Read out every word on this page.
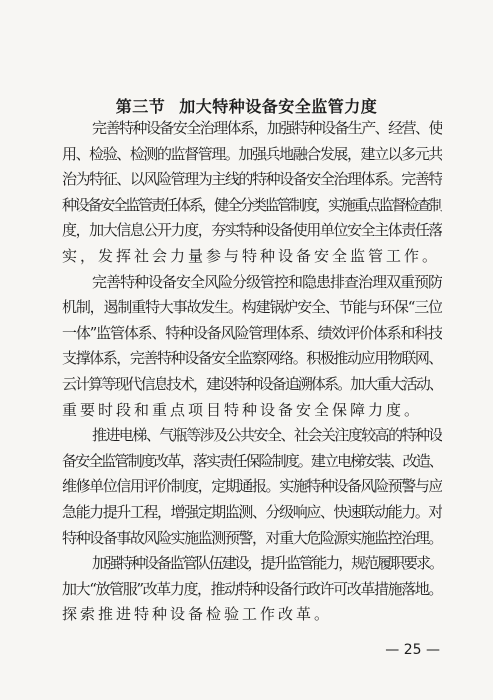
第三节 加大特种设备安全监管力度
完善特种设备安全治理体系，加强特种设备生产、经营、使
用、检验、检测的监督管理。加强兵地融合发展，建立以多元共
治为特征、以风险管理为主线的特种设备安全治理体系。完善特
种设备安全监管责任体系，健全分类监管制度，实施重点监督检查制
度，加大信息公开力度，夯实特种设备使用单位安全主体责任落
实，发挥社会力量参与特种设备安全监管工作。
完善特种设备安全风险分级管控和隐患排查治理双重预防
机制，遏制重特大事故发生。构建锅炉安全、节能与环保“三位
一体”监管体系、特种设备风险管理体系、绩效评价体系和科技
支撑体系，完善特种设备安全监察网络。积极推动应用物联网、
云计算等现代信息技术，建设特种设备追溯体系。加大重大活动、
重要时段和重点项目特种设备安全保障力度。
推进电梯、气瓶等涉及公共安全、社会关注度较高的特种设
备安全监管制度改革，落实责任保险制度。建立电梯安装、改造、
维修单位信用评价制度，定期通报。实施特种设备风险预警与应
急能力提升工程，增强定期监测、分级响应、快速联动能力。对
特种设备事故风险实施监测预警，对重大危险源实施监控治理。
加强特种设备监管队伍建设，提升监管能力，规范履职要求。
加大“放管服”改革力度，推动特种设备行政许可改革措施落地。
探索推进特种设备检验工作改革。
— 25 —
